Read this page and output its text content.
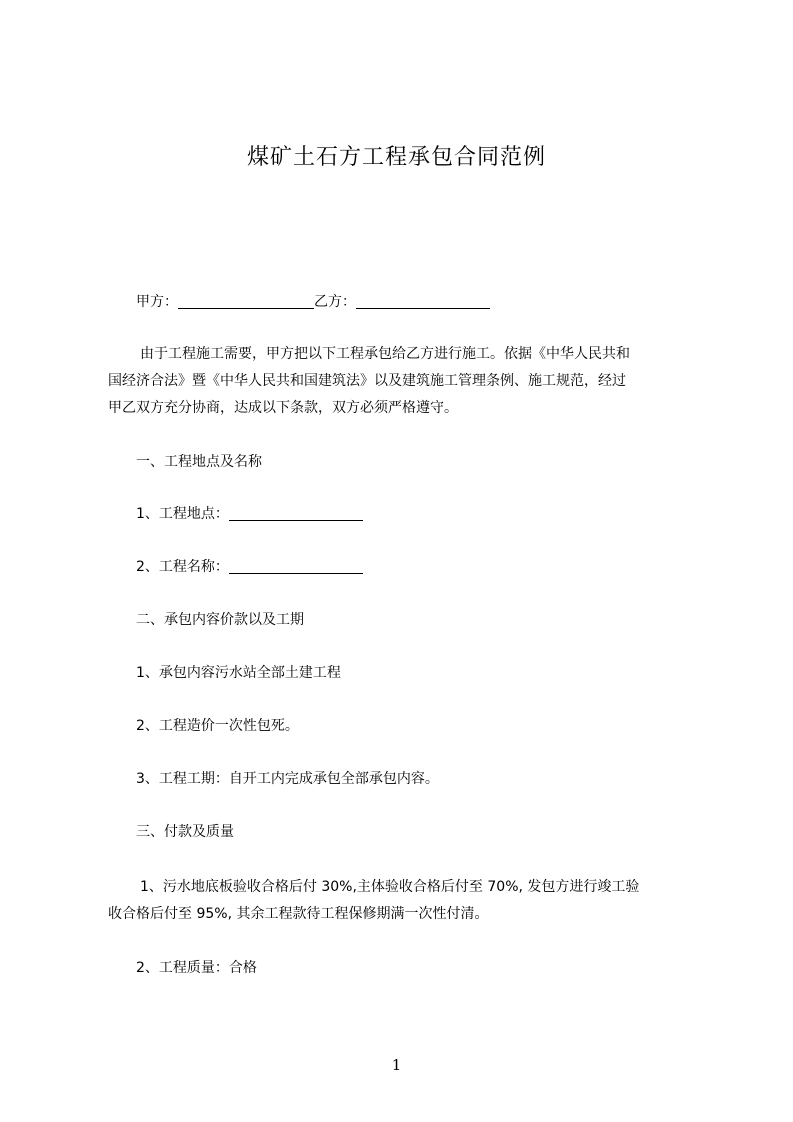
煤矿土石方工程承包合同范例
甲方：	乙方：
由于工程施工需要，甲方把以下工程承包给乙方进行施工。依据《中华人民共和
国经济合法》暨《中华人民共和国建筑法》以及建筑施工管理条例、施工规范，经过
甲乙双方充分协商，达成以下条款，双方必须严格遵守。
一、工程地点及名称
1、工程地点：
2、工程名称：
二、承包内容价款以及工期
1、承包内容污水站全部土建工程
2、工程造价一次性包死。
3、工程工期：自开工内完成承包全部承包内容。
三、付款及质量
1、污水地底板验收合格后付 30%,主体验收合格后付至 70%, 发包方进行竣工验
收合格后付至 95%, 其余工程款待工程保修期满一次性付清。
2、工程质量：合格
1
